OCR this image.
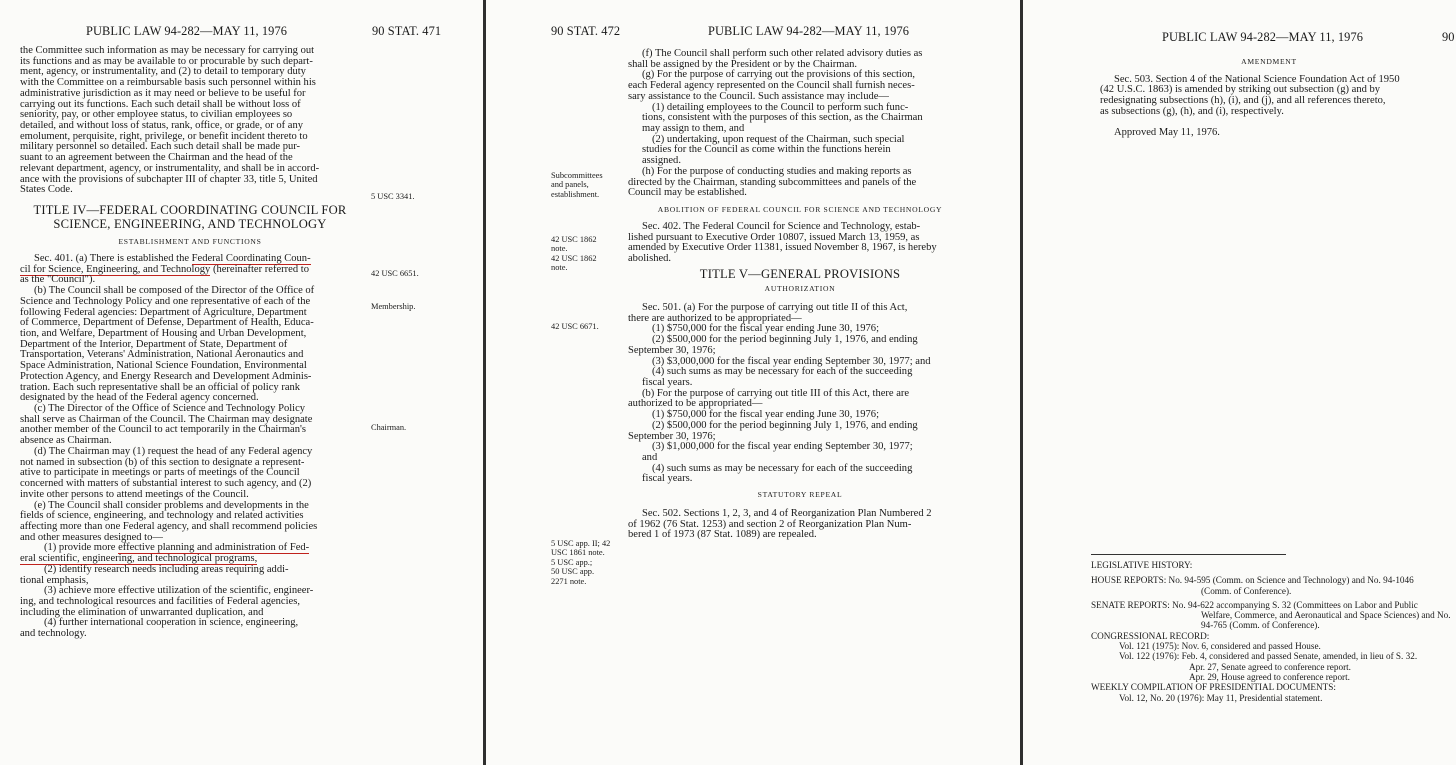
PUBLIC LAW 94-282—MAY 11, 1976	90 STAT. 471
the Committee such information as may be necessary for carrying out
its functions and as may be available to or procurable by such depart-
ment, agency, or instrumentality, and (2) to detail to temporary duty
with the Committee on a reimbursable basis such personnel within his
administrative jurisdiction as it may need or believe to be useful for
carrying out its functions. Each such detail shall be without loss of
seniority, pay, or other employee status, to civilian employees so
detailed, and without loss of status, rank, office, or grade, or of any
emolument, perquisite, right, privilege, or benefit incident thereto to
military personnel so detailed. Each such detail shall be made pur-
suant to an agreement between the Chairman and the head of the
relevant department, agency, or instrumentality, and shall be in accord-
ance with the provisions of subchapter III of chapter 33, title 5, United
States Code.
TITLE IV—FEDERAL COORDINATING COUNCIL FOR
SCIENCE, ENGINEERING, AND TECHNOLOGY
ESTABLISHMENT AND FUNCTIONS
Sec. 401. (a) There is established the Federal Coordinating Coun-
cil for Science, Engineering, and Technology (hereinafter referred to
as the "Council").
(b) The Council shall be composed of the Director of the Office of
Science and Technology Policy and one representative of each of the
following Federal agencies: Department of Agriculture, Department
of Commerce, Department of Defense, Department of Health, Educa-
tion, and Welfare, Department of Housing and Urban Development,
Department of the Interior, Department of State, Department of
Transportation, Veterans' Administration, National Aeronautics and
Space Administration, National Science Foundation, Environmental
Protection Agency, and Energy Research and Development Adminis-
tration. Each such representative shall be an official of policy rank
designated by the head of the Federal agency concerned.
(c) The Director of the Office of Science and Technology Policy
shall serve as Chairman of the Council. The Chairman may designate
another member of the Council to act temporarily in the Chairman's
absence as Chairman.
(d) The Chairman may (1) request the head of any Federal agency
not named in subsection (b) of this section to designate a represent-
ative to participate in meetings or parts of meetings of the Council
concerned with matters of substantial interest to such agency, and (2)
invite other persons to attend meetings of the Council.
(e) The Council shall consider problems and developments in the
fields of science, engineering, and technology and related activities
affecting more than one Federal agency, and shall recommend policies
and other measures designed to—
(1) provide more effective planning and administration of Fed-
eral scientific, engineering, and technological programs,
(2) identify research needs including areas requiring addi-
tional emphasis,
(3) achieve more effective utilization of the scientific, engineer-
ing, and technological resources and facilities of Federal agencies,
including the elimination of unwarranted duplication, and
(4) further international cooperation in science, engineering,
and technology.
5 USC 3341.
42 USC 6651.
Membership.
Chairman.
90 STAT. 472	PUBLIC LAW 94-282—MAY 11, 1976
(f) The Council shall perform such other related advisory duties as
shall be assigned by the President or by the Chairman.
(g) For the purpose of carrying out the provisions of this section,
each Federal agency represented on the Council shall furnish neces-
sary assistance to the Council. Such assistance may include—
(1) detailing employees to the Council to perform such func-
tions, consistent with the purposes of this section, as the Chairman
may assign to them, and
(2) undertaking, upon request of the Chairman, such special
studies for the Council as come within the functions herein
assigned.
(h) For the purpose of conducting studies and making reports as
directed by the Chairman, standing subcommittees and panels of the
Council may be established.
ABOLITION OF FEDERAL COUNCIL FOR SCIENCE AND TECHNOLOGY
Sec. 402. The Federal Council for Science and Technology, estab-
lished pursuant to Executive Order 10807, issued March 13, 1959, as
amended by Executive Order 11381, issued November 8, 1967, is hereby
abolished.
TITLE V—GENERAL PROVISIONS
AUTHORIZATION
Sec. 501. (a) For the purpose of carrying out title II of this Act,
there are authorized to be appropriated—
(1) $750,000 for the fiscal year ending June 30, 1976;
(2) $500,000 for the period beginning July 1, 1976, and ending
September 30, 1976;
(3) $3,000,000 for the fiscal year ending September 30, 1977; and
(4) such sums as may be necessary for each of the succeeding
fiscal years.
(b) For the purpose of carrying out title III of this Act, there are
authorized to be appropriated—
(1) $750,000 for the fiscal year ending June 30, 1976;
(2) $500,000 for the period beginning July 1, 1976, and ending
September 30, 1976;
(3) $1,000,000 for the fiscal year ending September 30, 1977;
and
(4) such sums as may be necessary for each of the succeeding
fiscal years.
STATUTORY REPEAL
Sec. 502. Sections 1, 2, 3, and 4 of Reorganization Plan Numbered 2
of 1962 (76 Stat. 1253) and section 2 of Reorganization Plan Num-
bered 1 of 1973 (87 Stat. 1089) are repealed.
Subcommittees
and panels,
establishment.
42 USC 1862
note.
42 USC 1862
note.
42 USC 6671.
5 USC app. II; 42
USC 1861 note.
5 USC app.;
50 USC app.
2271 note.
PUBLIC LAW 94-282—MAY 11, 1976	90
AMENDMENT
Sec. 503. Section 4 of the National Science Foundation Act of 1950
(42 U.S.C. 1863) is amended by striking out subsection (g) and by
redesignating subsections (h), (i), and (j), and all references thereto,
as subsections (g), (h), and (i), respectively.
Approved May 11, 1976.
LEGISLATIVE HISTORY:
HOUSE REPORTS: No. 94-595 (Comm. on Science and Technology) and No. 94-1046
(Comm. of Conference).
SENATE REPORTS: No. 94-622 accompanying S. 32 (Committees on Labor and Public
Welfare, Commerce, and Aeronautical and Space Sciences) and No.
94-765 (Comm. of Conference).
CONGRESSIONAL RECORD:
Vol. 121 (1975): Nov. 6, considered and passed House.
Vol. 122 (1976): Feb. 4, considered and passed Senate, amended, in lieu of S. 32.
Apr. 27, Senate agreed to conference report.
Apr. 29, House agreed to conference report.
WEEKLY COMPILATION OF PRESIDENTIAL DOCUMENTS:
Vol. 12, No. 20 (1976): May 11, Presidential statement.
